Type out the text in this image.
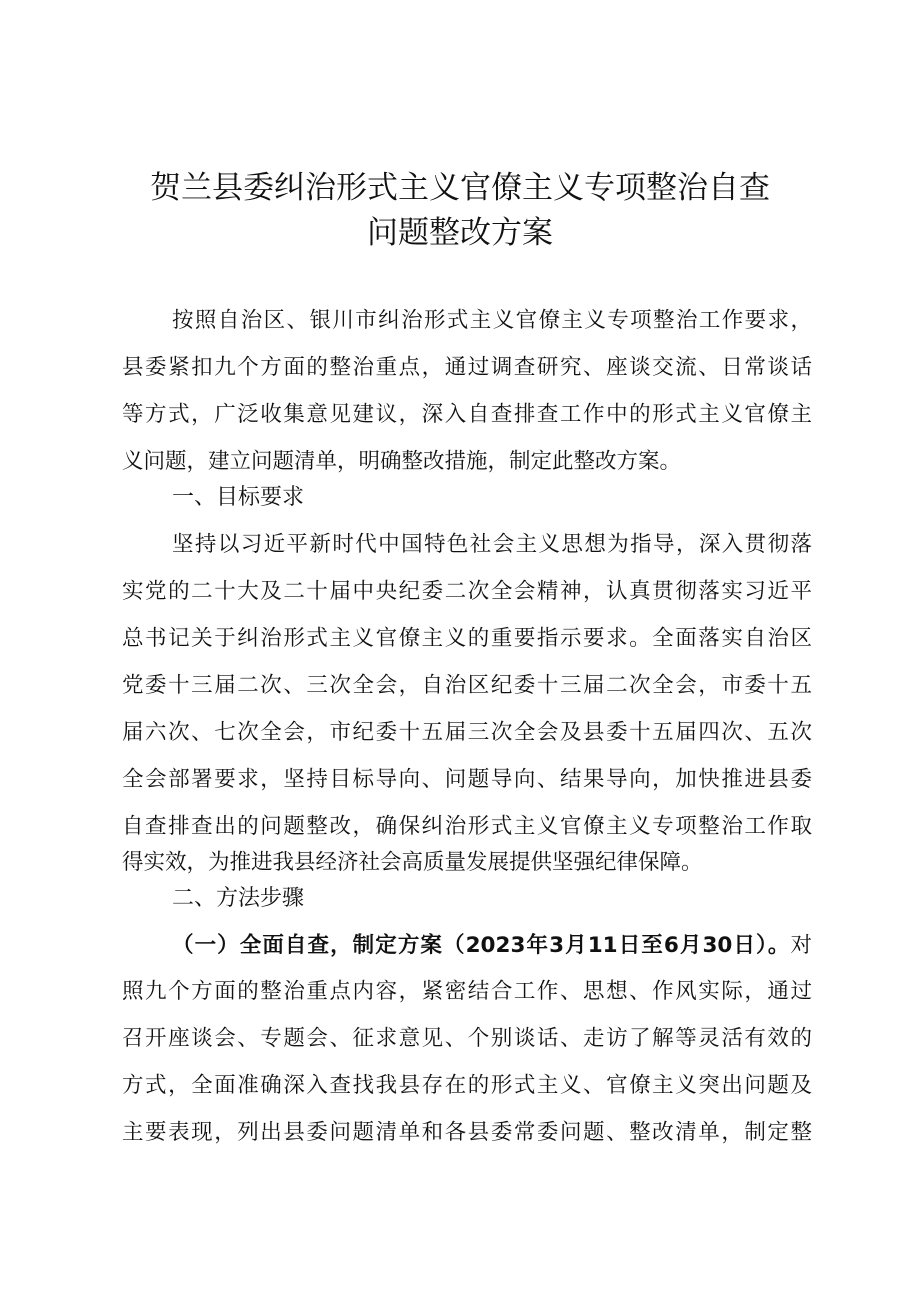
贺兰县委纠治形式主义官僚主义专项整治自查
问题整改方案
按照自治区、银川市纠治形式主义官僚主义专项整治工作要求，
县委紧扣九个方面的整治重点，通过调查研究、座谈交流、日常谈话
等方式，广泛收集意见建议，深入自查排查工作中的形式主义官僚主
义问题，建立问题清单，明确整改措施，制定此整改方案。
一、目标要求
坚持以习近平新时代中国特色社会主义思想为指导，深入贯彻落
实党的二十大及二十届中央纪委二次全会精神，认真贯彻落实习近平
总书记关于纠治形式主义官僚主义的重要指示要求。全面落实自治区
党委十三届二次、三次全会，自治区纪委十三届二次全会，市委十五
届六次、七次全会，市纪委十五届三次全会及县委十五届四次、五次
全会部署要求，坚持目标导向、问题导向、结果导向，加快推进县委
自查排查出的问题整改，确保纠治形式主义官僚主义专项整治工作取
得实效，为推进我县经济社会高质量发展提供坚强纪律保障。
二、方法步骤
（一）全面自查，制定方案（2023年3月11日至6月30日）。对
照九个方面的整治重点内容，紧密结合工作、思想、作风实际，通过
召开座谈会、专题会、征求意见、个别谈话、走访了解等灵活有效的
方式，全面准确深入查找我县存在的形式主义、官僚主义突出问题及
主要表现，列出县委问题清单和各县委常委问题、整改清单，制定整
